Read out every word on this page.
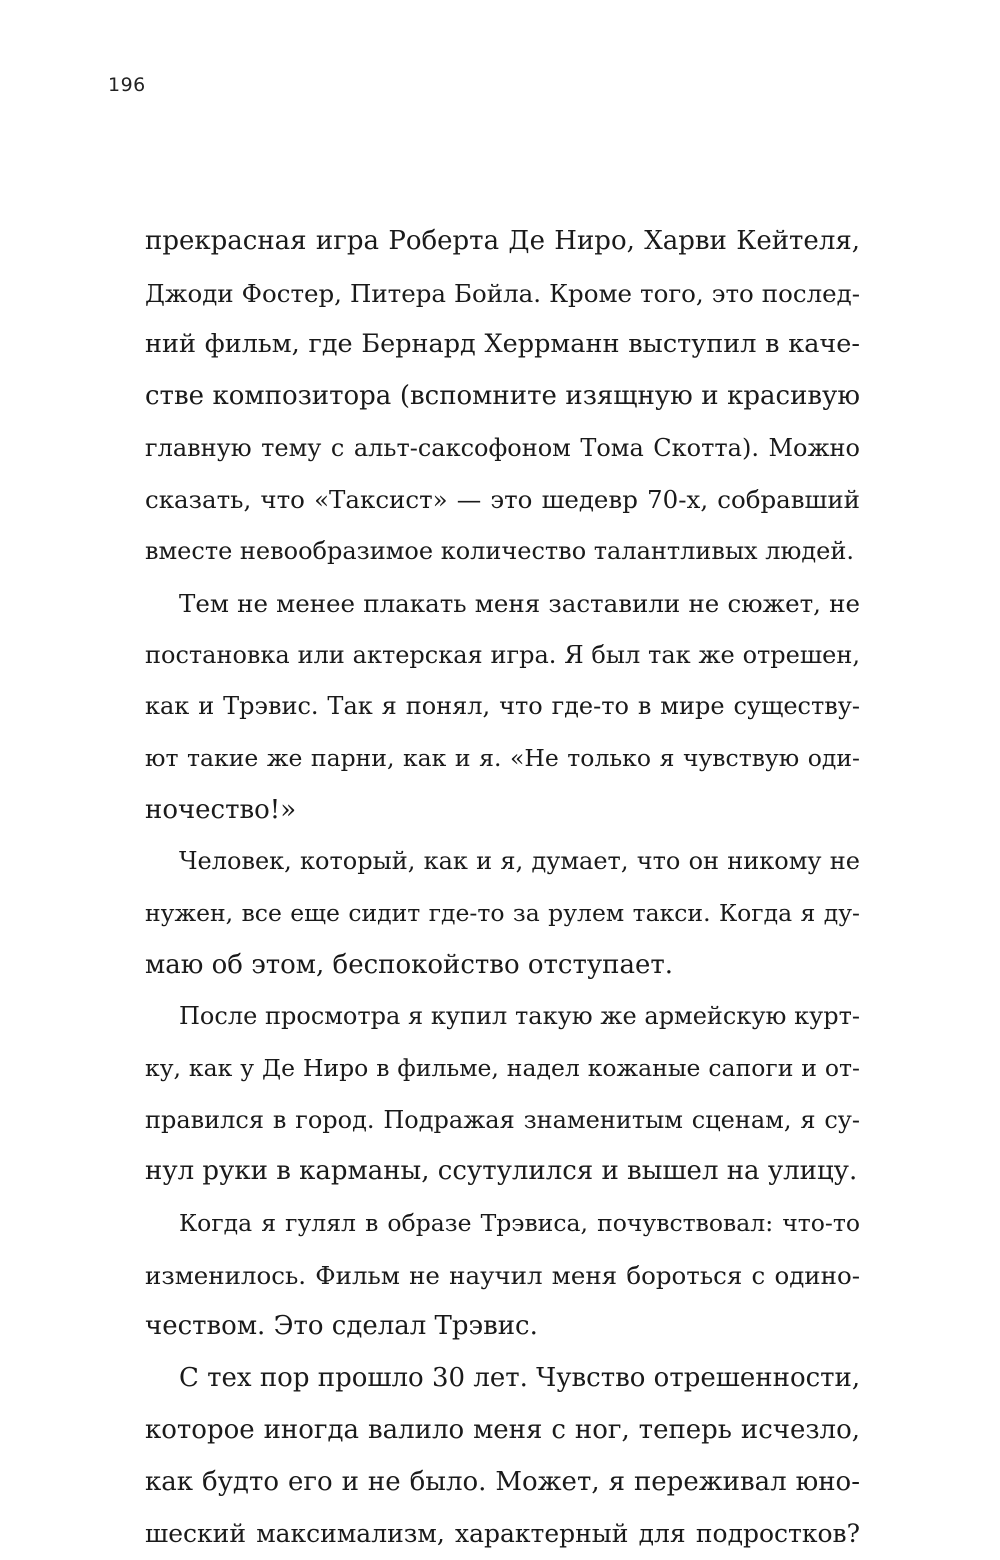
196
прекрасная игра Роберта Де Ниро, Харви Кейтеля,
Джоди Фостер, Питера Бойла. Кроме того, это послед-
ний фильм, где Бернард Херрманн выступил в каче-
стве композитора (вспомните изящную и красивую
главную тему с альт-саксофоном Тома Скотта). Можно
сказать, что «Таксист» — это шедевр 70-х, собравший
вместе невообразимое количество талантливых людей.
Тем не менее плакать меня заставили не сюжет, не
постановка или актерская игра. Я был так же отрешен,
как и Трэвис. Так я понял, что где-то в мире существу-
ют такие же парни, как и я. «Не только я чувствую оди-
ночество!»
Человек, который, как и я, думает, что он никому не
нужен, все еще сидит где-то за рулем такси. Когда я ду-
маю об этом, беспокойство отступает.
После просмотра я купил такую же армейскую курт-
ку, как у Де Ниро в фильме, надел кожаные сапоги и от-
правился в город. Подражая знаменитым сценам, я су-
нул руки в карманы, ссутулился и вышел на улицу.
Когда я гулял в образе Трэвиса, почувствовал: что-то
изменилось. Фильм не научил меня бороться с одино-
чеством. Это сделал Трэвис.
С тех пор прошло 30 лет. Чувство отрешенности,
которое иногда валило меня с ног, теперь исчезло,
как будто его и не было. Может, я переживал юно-
шеский максимализм, характерный для подростков?
